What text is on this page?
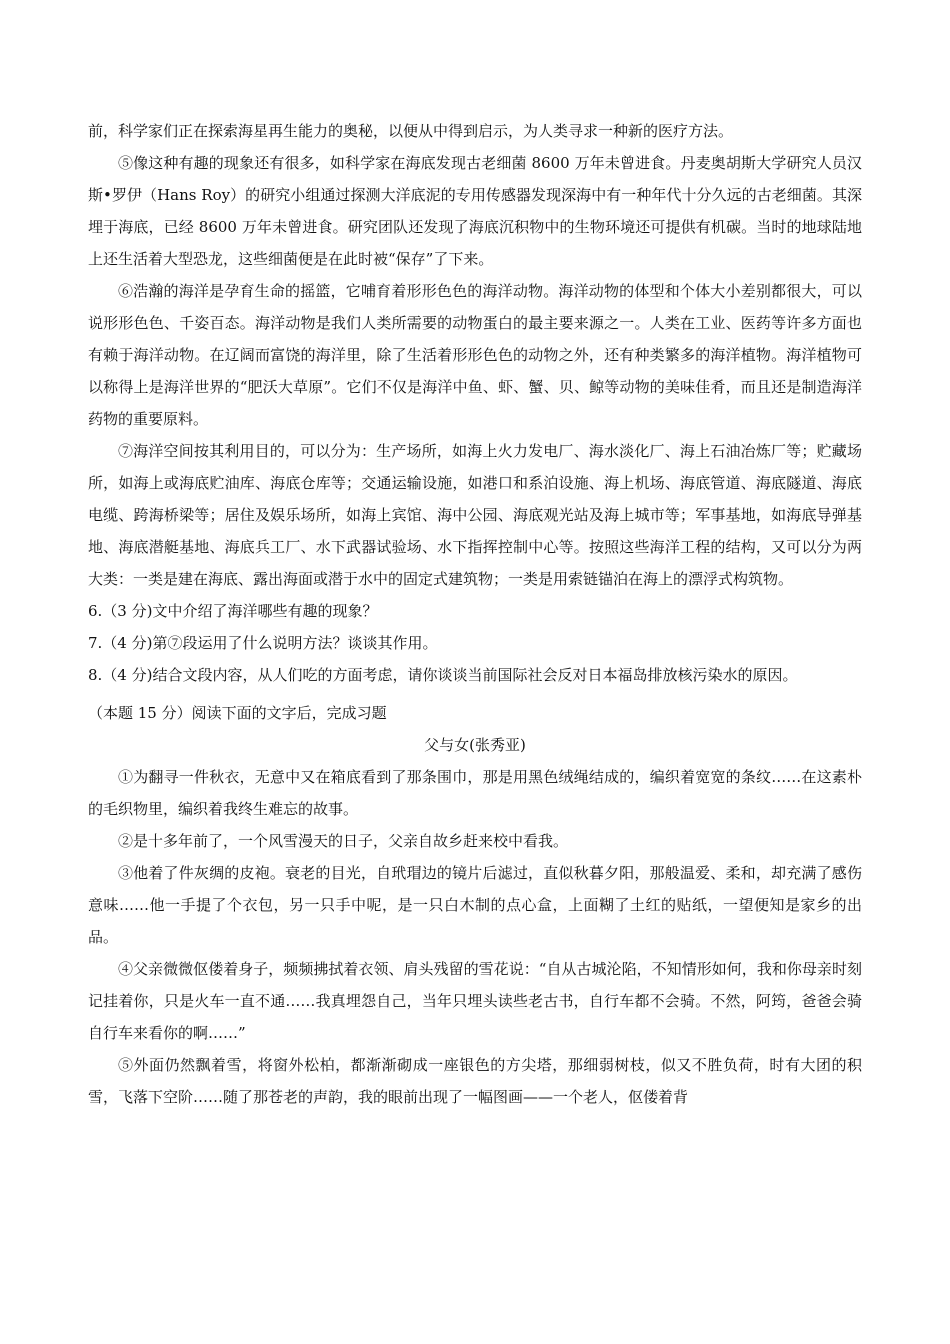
前，科学家们正在探索海星再生能力的奥秘，以便从中得到启示，为人类寻求一种新的医疗方法。

⑤像这种有趣的现象还有很多，如科学家在海底发现古老细菌 8600 万年未曾进食。丹麦奥胡斯大学研究人员汉斯•罗伊（Hans Roy）的研究小组通过探测大洋底泥的专用传感器发现深海中有一种年代十分久远的古老细菌。其深埋于海底，已经 8600 万年未曾进食。研究团队还发现了海底沉积物中的生物环境还可提供有机碳。当时的地球陆地上还生活着大型恐龙，这些细菌便是在此时被“保存”了下来。

⑥浩瀚的海洋是孕育生命的摇篮，它哺育着形形色色的海洋动物。海洋动物的体型和个体大小差别都很大，可以说形形色色、千姿百态。海洋动物是我们人类所需要的动物蛋白的最主要来源之一。人类在工业、医药等许多方面也有赖于海洋动物。在辽阔而富饶的海洋里，除了生活着形形色色的动物之外，还有种类繁多的海洋植物。海洋植物可以称得上是海洋世界的“肥沃大草原”。它们不仅是海洋中鱼、虾、蟹、贝、鲸等动物的美味佳肴，而且还是制造海洋药物的重要原料。

⑦海洋空间按其利用目的，可以分为：生产场所，如海上火力发电厂、海水淡化厂、海上石油冶炼厂等；贮藏场所，如海上或海底贮油库、海底仓库等；交通运输设施，如港口和系泊设施、海上机场、海底管道、海底隧道、海底电缆、跨海桥梁等；居住及娱乐场所，如海上宾馆、海中公园、海底观光站及海上城市等；军事基地，如海底导弹基地、海底潜艇基地、海底兵工厂、水下武器试验场、水下指挥控制中心等。按照这些海洋工程的结构，又可以分为两大类：一类是建在海底、露出海面或潜于水中的固定式建筑物；一类是用索链锚泊在海上的漂浮式构筑物。

6.（3 分)文中介绍了海洋哪些有趣的现象？

7.（4 分)第⑦段运用了什么说明方法？谈谈其作用。

8.（4 分)结合文段内容，从人们吃的方面考虑，请你谈谈当前国际社会反对日本福岛排放核污染水的原因。

（本题 15 分）阅读下面的文字后，完成习题

父与女(张秀亚)

①为翻寻一件秋衣，无意中又在箱底看到了那条围巾，那是用黑色绒绳结成的，编织着宽宽的条纹……在这素朴的毛织物里，编织着我终生难忘的故事。

②是十多年前了，一个风雪漫天的日子，父亲自故乡赶来校中看我。

③他着了件灰绸的皮袍。衰老的目光，自玳瑁边的镜片后滤过，直似秋暮夕阳，那般温爱、柔和，却充满了感伤意味……他一手提了个衣包，另一只手中呢，是一只白木制的点心盒，上面糊了土红的贴纸，一望便知是家乡的出品。

④父亲微微伛偻着身子，频频拂拭着衣领、肩头残留的雪花说：“自从古城沦陷，不知情形如何，我和你母亲时刻记挂着你，只是火车一直不通……我真埋怨自己，当年只埋头读些老古书，自行车都不会骑。不然，阿筠，爸爸会骑自行车来看你的啊……”

⑤外面仍然飘着雪，将窗外松柏，都渐渐砌成一座银色的方尖塔，那细弱树枝，似又不胜负荷，时有大团的积雪，飞落下空阶……随了那苍老的声韵，我的眼前出现了一幅图画——一个老人，伛偻着背
